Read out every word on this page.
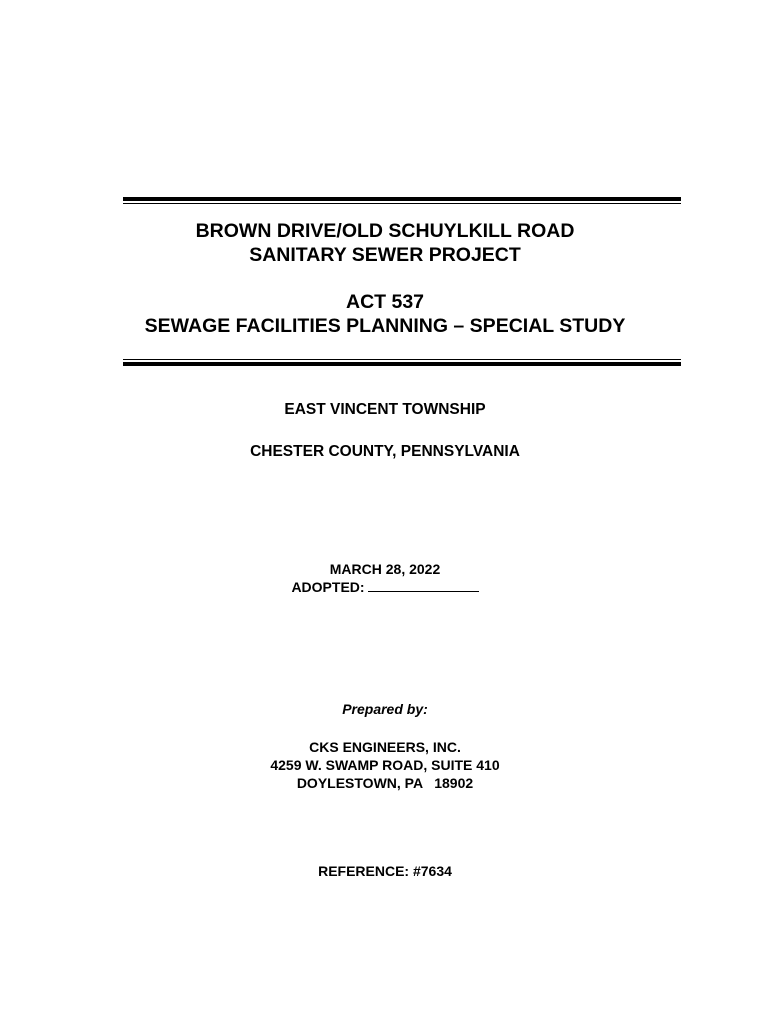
BROWN DRIVE/OLD SCHUYLKILL ROAD
SANITARY SEWER PROJECT
ACT 537
SEWAGE FACILITIES PLANNING – SPECIAL STUDY
EAST VINCENT TOWNSHIP
CHESTER COUNTY, PENNSYLVANIA
MARCH 28, 2022
ADOPTED:
Prepared by:
CKS ENGINEERS, INC.
4259 W. SWAMP ROAD, SUITE 410
DOYLESTOWN, PA   18902
REFERENCE: #7634
